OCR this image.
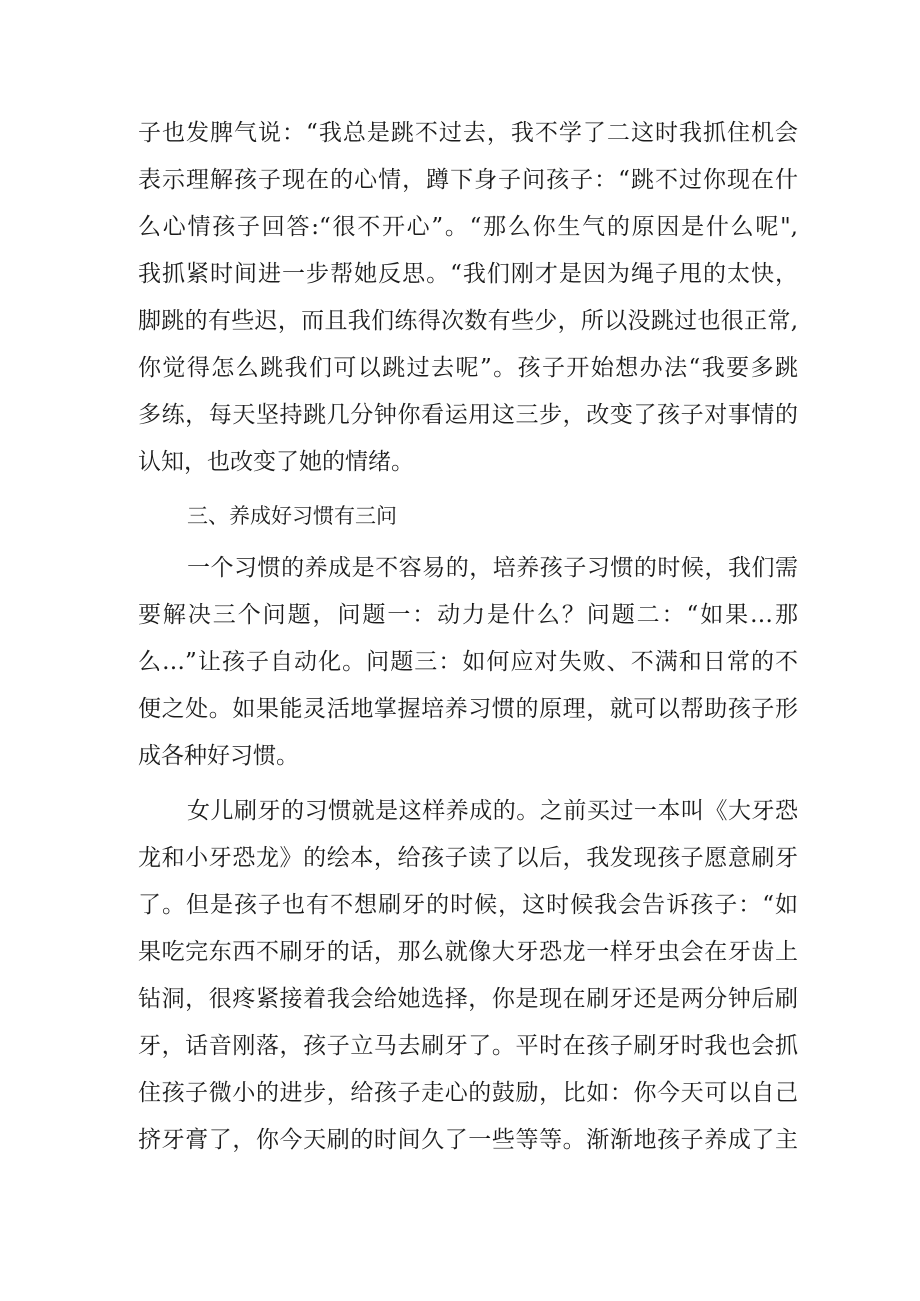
子也发脾气说：“我总是跳不过去，我不学了二这时我抓住机会
表示理解孩子现在的心情，蹲下身子问孩子：“跳不过你现在什
么心情孩子回答:“很不开心”。“那么你生气的原因是什么呢",
我抓紧时间进一步帮她反思。“我们刚才是因为绳子甩的太快，
脚跳的有些迟，而且我们练得次数有些少，所以没跳过也很正常,
你觉得怎么跳我们可以跳过去呢”。孩子开始想办法“我要多跳
多练，每天坚持跳几分钟你看运用这三步，改变了孩子对事情的
认知，也改变了她的情绪。
三、养成好习惯有三问
一个习惯的养成是不容易的，培养孩子习惯的时候，我们需
要解决三个问题，问题一：动力是什么？问题二：“如果…那
么…”让孩子自动化。问题三：如何应对失败、不满和日常的不
便之处。如果能灵活地掌握培养习惯的原理，就可以帮助孩子形
成各种好习惯。
女儿刷牙的习惯就是这样养成的。之前买过一本叫《大牙恐
龙和小牙恐龙》的绘本，给孩子读了以后，我发现孩子愿意刷牙
了。但是孩子也有不想刷牙的时候，这时候我会告诉孩子：“如
果吃完东西不刷牙的话，那么就像大牙恐龙一样牙虫会在牙齿上
钻洞，很疼紧接着我会给她选择，你是现在刷牙还是两分钟后刷
牙，话音刚落，孩子立马去刷牙了。平时在孩子刷牙时我也会抓
住孩子微小的进步，给孩子走心的鼓励，比如：你今天可以自己
挤牙膏了，你今天刷的时间久了一些等等。渐渐地孩子养成了主
